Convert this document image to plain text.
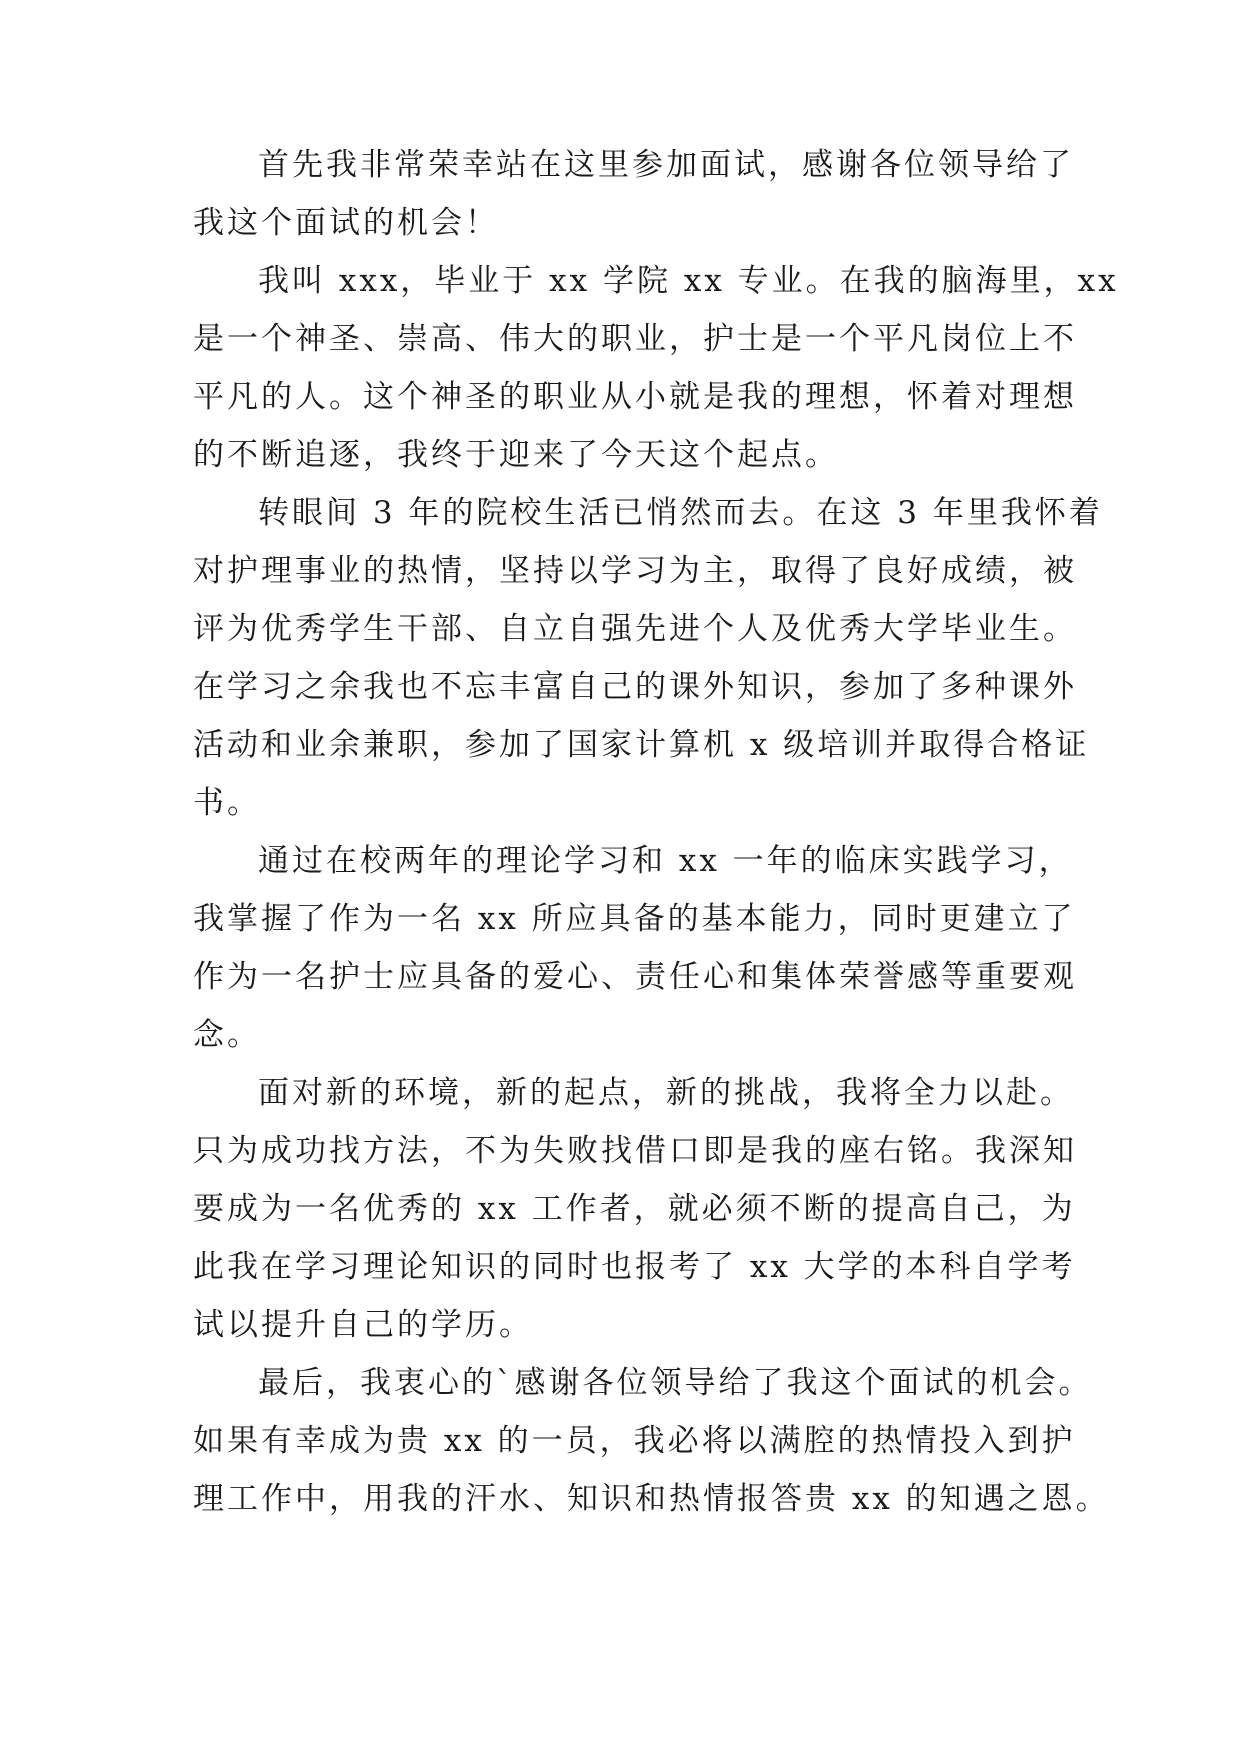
首先我非常荣幸站在这里参加面试，感谢各位领导给了
我这个面试的机会！
我叫 xxx，毕业于 xx 学院 xx 专业。在我的脑海里，xx
是一个神圣、崇高、伟大的职业，护士是一个平凡岗位上不
平凡的人。这个神圣的职业从小就是我的理想，怀着对理想
的不断追逐，我终于迎来了今天这个起点。
转眼间 3 年的院校生活已悄然而去。在这 3 年里我怀着
对护理事业的热情，坚持以学习为主，取得了良好成绩，被
评为优秀学生干部、自立自强先进个人及优秀大学毕业生。
在学习之余我也不忘丰富自己的课外知识，参加了多种课外
活动和业余兼职，参加了国家计算机 x 级培训并取得合格证
书。
通过在校两年的理论学习和 xx 一年的临床实践学习，
我掌握了作为一名 xx 所应具备的基本能力，同时更建立了
作为一名护士应具备的爱心、责任心和集体荣誉感等重要观
念。
面对新的环境，新的起点，新的挑战，我将全力以赴。
只为成功找方法，不为失败找借口即是我的座右铭。我深知
要成为一名优秀的 xx 工作者，就必须不断的提高自己，为
此我在学习理论知识的同时也报考了 xx 大学的本科自学考
试以提升自己的学历。
最后，我衷心的`感谢各位领导给了我这个面试的机会。
如果有幸成为贵 xx 的一员，我必将以满腔的热情投入到护
理工作中，用我的汗水、知识和热情报答贵 xx 的知遇之恩。
